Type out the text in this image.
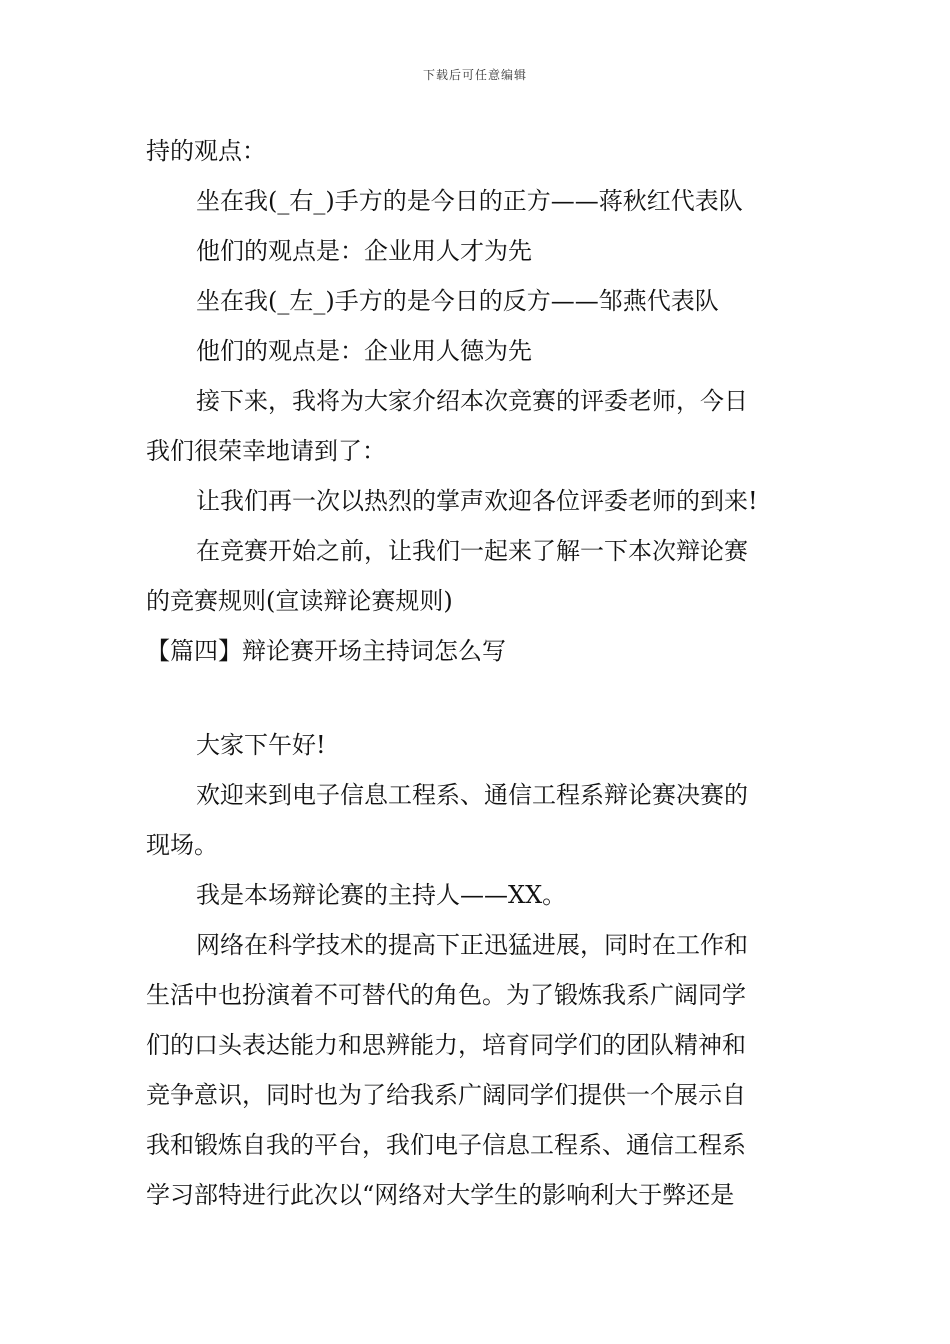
下载后可任意编辑
持的观点：
坐在我(_右_)手方的是今日的正方——蒋秋红代表队
他们的观点是：企业用人才为先
坐在我(_左_)手方的是今日的反方——邹燕代表队
他们的观点是：企业用人德为先
接下来，我将为大家介绍本次竞赛的评委老师，今日
我们很荣幸地请到了：
让我们再一次以热烈的掌声欢迎各位评委老师的到来!
在竞赛开始之前，让我们一起来了解一下本次辩论赛
的竞赛规则(宣读辩论赛规则)
【篇四】辩论赛开场主持词怎么写
大家下午好!
欢迎来到电子信息工程系、通信工程系辩论赛决赛的
现场。
我是本场辩论赛的主持人——XX。
网络在科学技术的提高下正迅猛进展，同时在工作和
生活中也扮演着不可替代的角色。为了锻炼我系广阔同学
们的口头表达能力和思辨能力，培育同学们的团队精神和
竞争意识，同时也为了给我系广阔同学们提供一个展示自
我和锻炼自我的平台，我们电子信息工程系、通信工程系
学习部特进行此次以“网络对大学生的影响利大于弊还是
